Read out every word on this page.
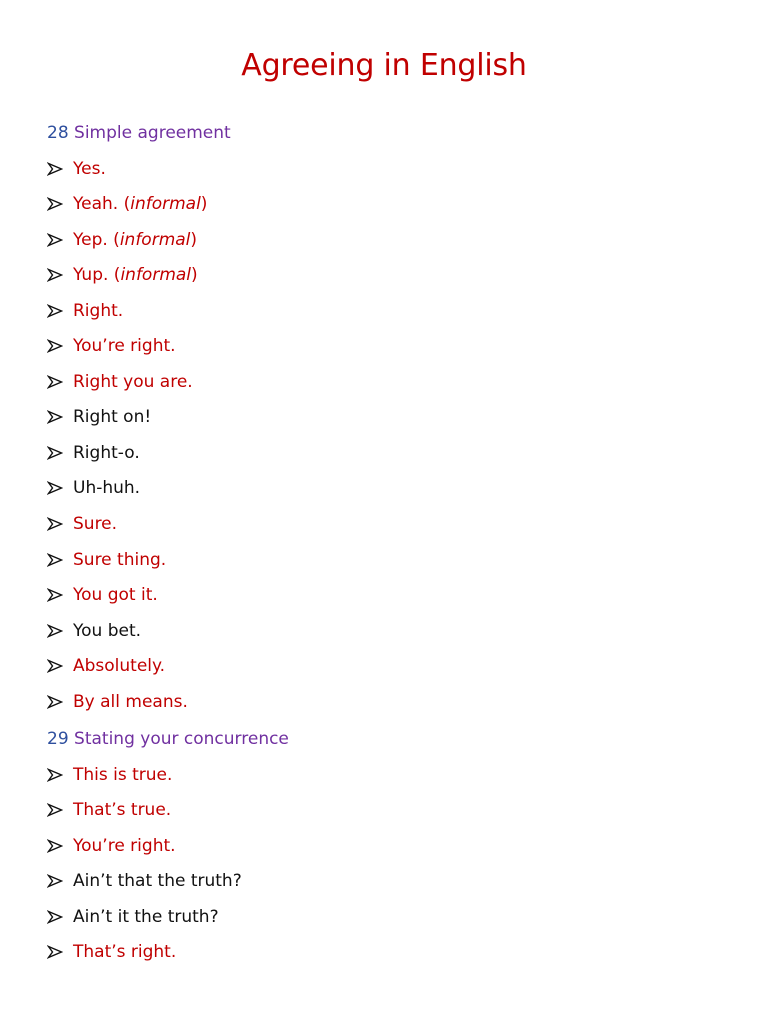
Agreeing in English
28 Simple agreement
Yes.
Yeah. (informal)
Yep. (informal)
Yup. (informal)
Right.
You’re right.
Right you are.
Right on!
Right-o.
Uh-huh.
Sure.
Sure thing.
You got it.
You bet.
Absolutely.
By all means.
29 Stating your concurrence
This is true.
That’s true.
You’re right.
Ain’t that the truth?
Ain’t it the truth?
That’s right.
